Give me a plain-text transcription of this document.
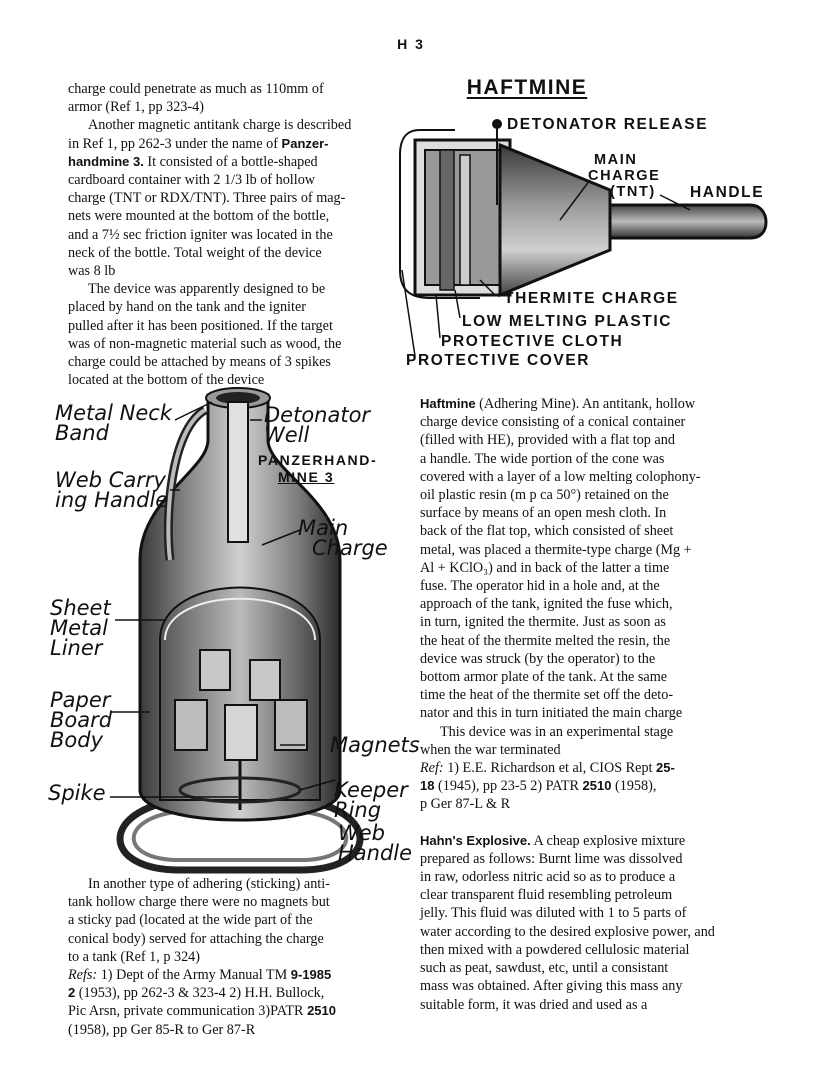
H 3

charge could penetrate as much as 110mm of

armor (Ref 1, pp 323-4)

Another magnetic antitank charge is described

in Ref 1, pp 262-3 under the name of Panzer-

handmine 3. It consisted of a bottle-shaped

cardboard container with 2 1/3 lb of hollow

charge (TNT or RDX/TNT). Three pairs of mag-

nets were mounted at the bottom of the bottle,

and a 7½ sec friction igniter was located in the

neck of the bottle. Total weight of the device

was 8 lb

The device was apparently designed to be

placed by hand on the tank and the igniter

pulled after it has been positioned. If the target

was of non-magnetic material such as wood, the

charge could be attached by means of 3 spikes

located at the bottom of the device

Metal Neck
Band
Detonator
Well
PANZERHAND-
MINE 3
Web Carry
ing Handle
Main
Charge
Sheet
Metal
Liner
Paper
Board
Body	Magnets
Spike	Keeper
Ring
Web
Handle

In another type of adhering (sticking) anti-

tank hollow charge there were no magnets but

a sticky pad (located at the wide part of the

conical body) served for attaching the charge

to a tank (Ref 1, p 324)

Refs: 1) Dept of the Army Manual TM 9-1985

2 (1953), pp 262-3 & 323-4 2) H.H. Bullock,

Pic Arsn, private communication 3)PATR 2510

(1958), pp Ger 85-R to Ger 87-R

HAFTMINE
DETONATOR RELEASE
MAIN
CHARGE
(TNT) HANDLE
THERMITE CHARGE
LOW MELTING PLASTIC
PROTECTIVE CLOTH
PROTECTIVE COVER

Haftmine (Adhering Mine). An antitank, hollow

charge device consisting of a conical container

(filled with HE), provided with a flat top and

a handle. The wide portion of the cone was

covered with a layer of a low melting colophony-

oil plastic resin (m p ca 50°) retained on the

surface by means of an open mesh cloth. In

back of the flat top, which consisted of sheet

metal, was placed a thermite-type charge (Mg +

Al + KClO₃) and in back of the latter a time

fuse. The operator hid in a hole and, at the

approach of the tank, ignited the fuse which,

in turn, ignited the thermite. Just as soon as

the heat of the thermite melted the resin, the

device was struck (by the operator) to the

bottom armor plate of the tank. At the same

time the heat of the thermite set off the deto-

nator and this in turn initiated the main charge

This device was in an experimental stage

when the war terminated

Ref: 1) E.E. Richardson et al, CIOS Rept 25-

18 (1945), pp 23-5 2) PATR 2510 (1958),

p Ger 87-L & R

Hahn's Explosive. A cheap explosive mixture

prepared as follows: Burnt lime was dissolved

in raw, odorless nitric acid so as to produce a

clear transparent fluid resembling petroleum

jelly. This fluid was diluted with 1 to 5 parts of

water according to the desired explosive power, and

then mixed with a powdered cellulosic material

such as peat, sawdust, etc, until a consistant

mass was obtained. After giving this mass any

suitable form, it was dried and used as a
